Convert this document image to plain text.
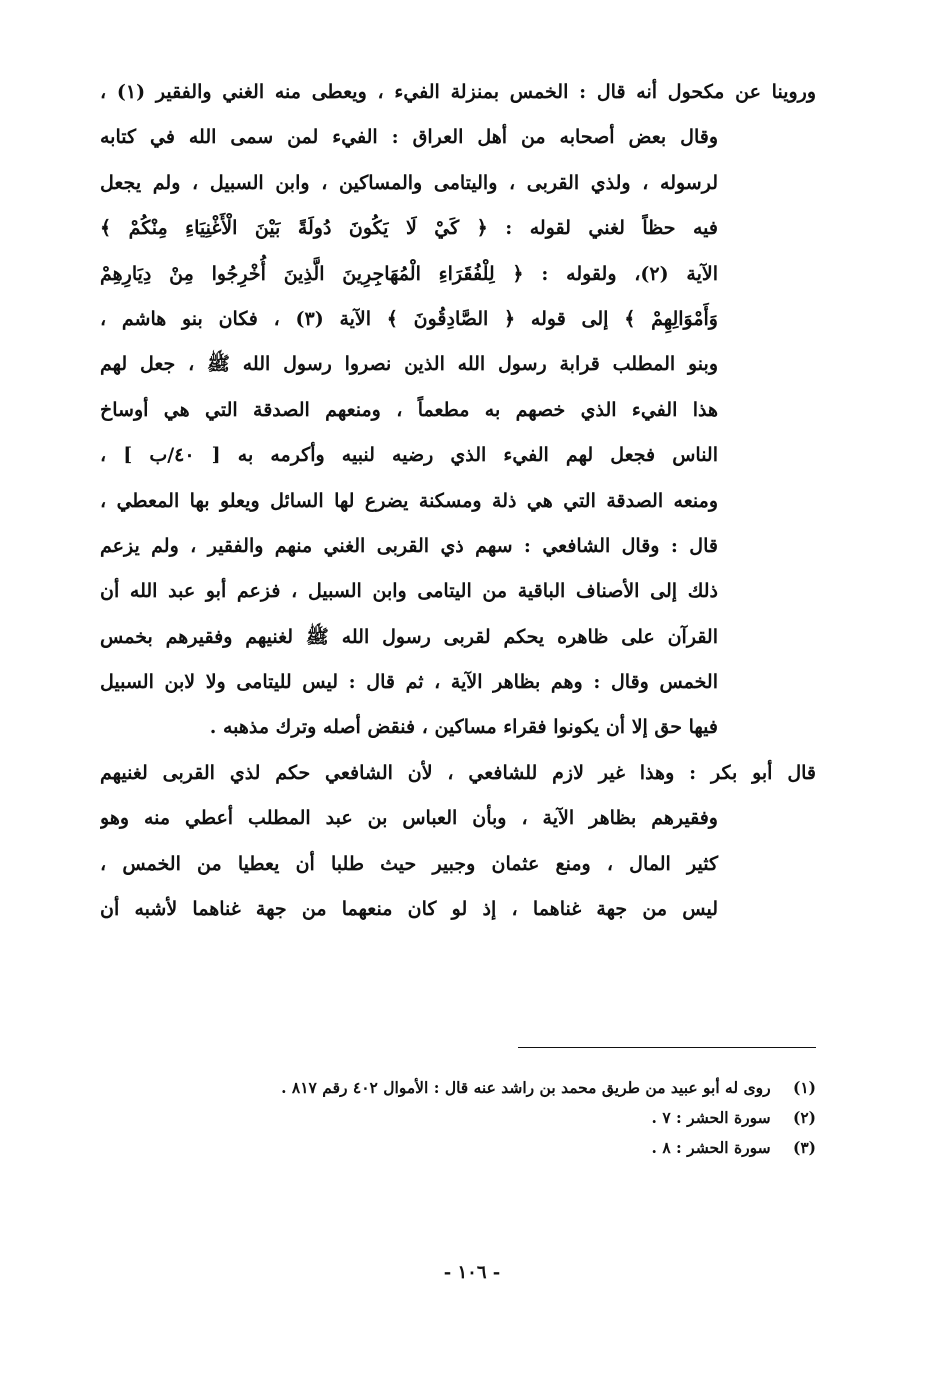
وروينا عن مكحول أنه قال : الخمس بمنزلة الفيء ، ويعطى منه الغني والفقير (١) ،
وقال بعض أصحابه من أهل العراق : الفيء لمن سمى الله في كتابه
لرسوله ، ولذي القربى ، واليتامى والمساكين ، وابن السبيل ، ولم يجعل
فيه حظاً لغني لقوله : ﴿ كَيْ لَا يَكُونَ دُولَةً بَيْنَ الْأَغْنِيَاءِ مِنْكُمْ ﴾
الآية (٢)، ولقوله : ﴿ لِلْفُقَرَاءِ الْمُهَاجِرِينَ الَّذِينَ أُخْرِجُوا مِنْ دِيَارِهِمْ
وَأَمْوَالِهِمْ ﴾ إلى قوله ﴿ الصَّادِقُونَ ﴾ الآية (٣) ، فكان بنو هاشم ،
وبنو المطلب قرابة رسول الله الذين نصروا رسول الله ﷺ ، جعل لهم
هذا الفيء الذي خصهم به مطعماً ، ومنعهم الصدقة التي هي أوساخ
الناس فجعل لهم الفيء الذي رضيه لنبيه وأكرمه به [ ٤٠/ب ] ،
ومنعه الصدقة التي هي ذلة ومسكنة يضرع لها السائل ويعلو بها المعطي ،
قال : وقال الشافعي : سهم ذي القربى الغني منهم والفقير ، ولم يزعم
ذلك إلى الأصناف الباقية من اليتامى وابن السبيل ، فزعم أبو عبد الله أن
القرآن على ظاهره يحكم لقربى رسول الله ﷺ لغنيهم وفقيرهم بخمس
الخمس وقال : وهم بظاهر الآية ، ثم قال : ليس لليتامى ولا لابن السبيل
فيها حق إلا أن يكونوا فقراء مساكين ، فنقض أصله وترك مذهبه .
قال أبو بكر : وهذا غير لازم للشافعي ، لأن الشافعي حكم لذي القربى لغنيهم
وفقيرهم بظاهر الآية ، وبأن العباس بن عبد المطلب أعطي منه وهو
كثير المال ، ومنع عثمان وجبير حيث طلبا أن يعطيا من الخمس ،
ليس من جهة غناهما ، إذ لو كان منعهما من جهة غناهما لأشبه أن
(١) روى له أبو عبيد من طريق محمد بن راشد عنه قال : الأموال ٤٠٢ رقم ٨١٧ .
(٢) سورة الحشر : ٧ .
(٣) سورة الحشر : ٨ .
- ١٠٦ -
